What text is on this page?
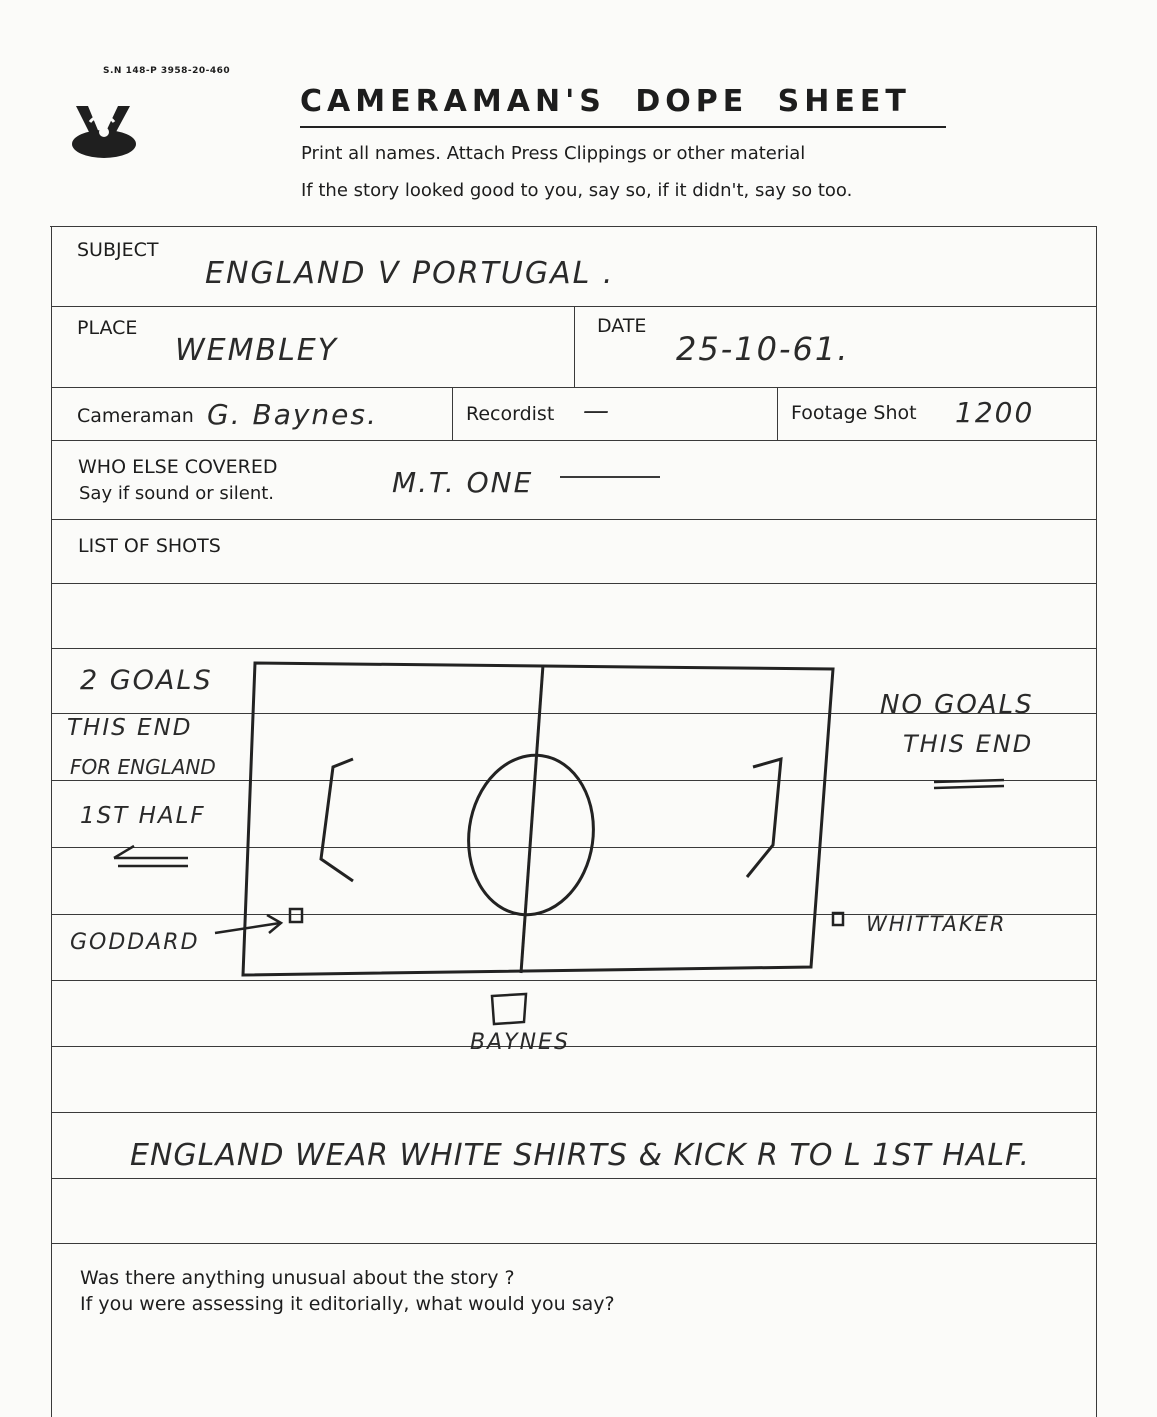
S.N 148-P 3958-20-460
CAMERAMAN'S DOPE SHEET
Print all names. Attach Press Clippings or other material
If the story looked good to you, say so, if it didn't, say so too.
SUBJECT
ENGLAND V PORTUGAL .
PLACE
WEMBLEY
DATE
25-10-61.
Cameraman G. Baynes.	Recordist —	Footage Shot 1200
WHO ELSE COVERED
Say if sound or silent.	M.T. ONE
LIST OF SHOTS
2 GOALS
THIS END
FOR ENGLAND
1ST HALF
NO GOALS
THIS END
GODDARD
WHITTAKER
BAYNES
ENGLAND WEAR WHITE SHIRTS & KICK R TO L 1ST HALF.
Was there anything unusual about the story ?
If you were assessing it editorially, what would you say?
